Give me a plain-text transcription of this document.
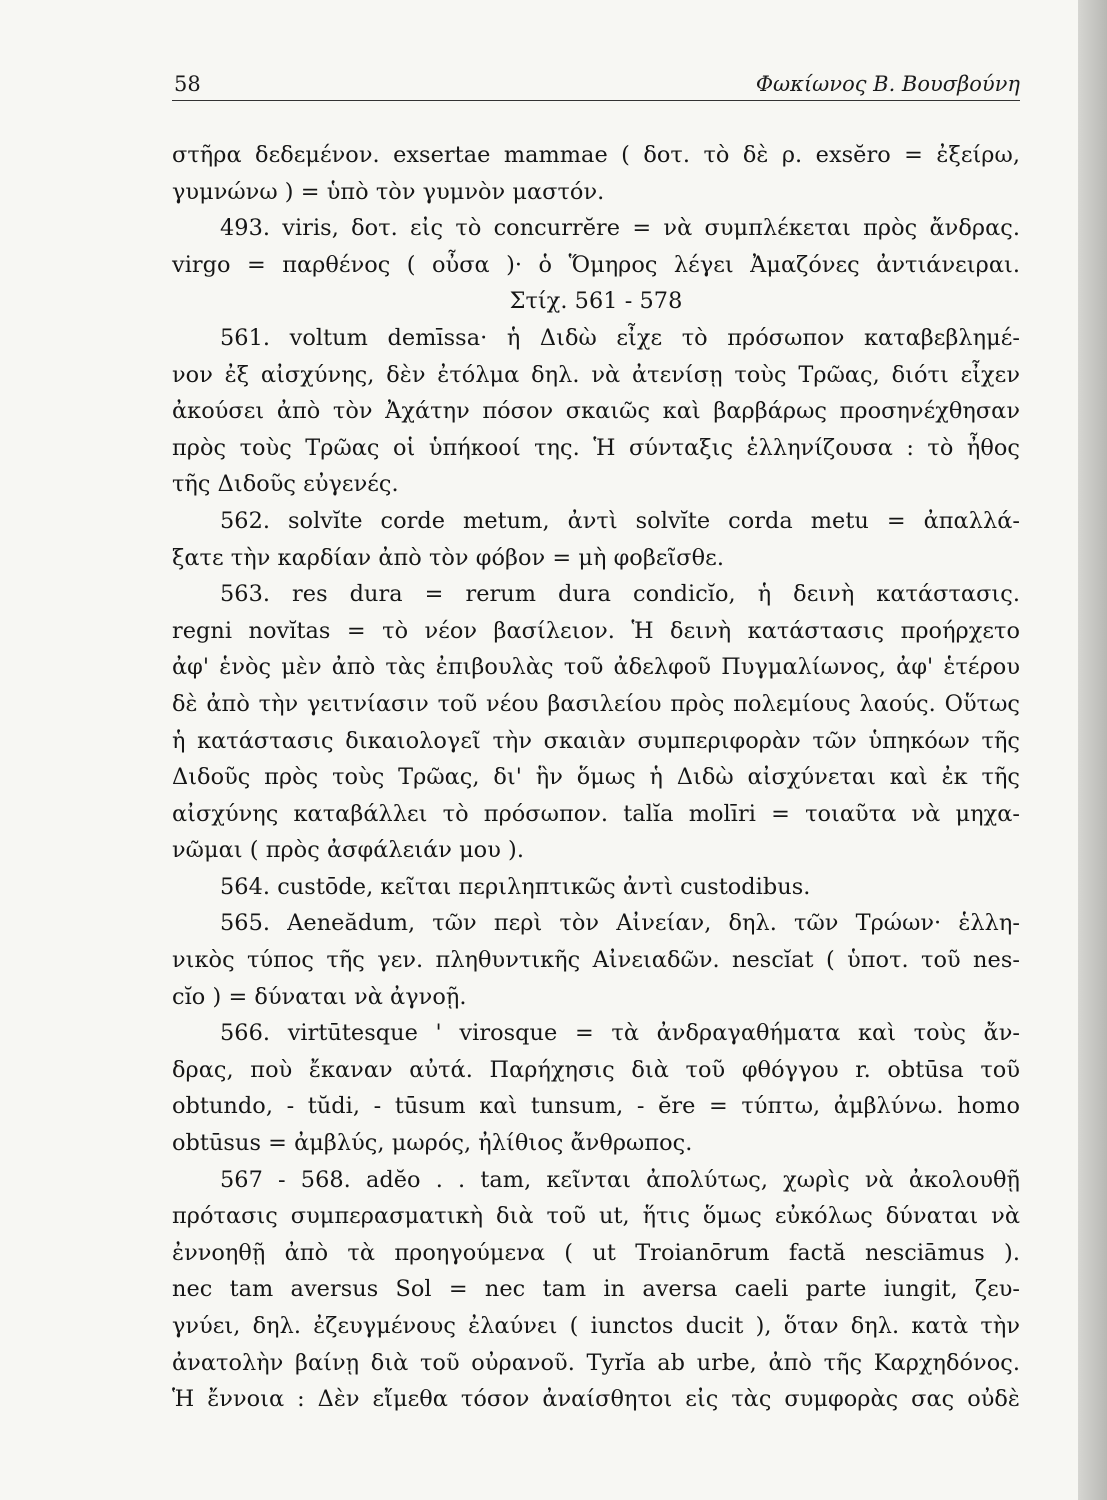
58	Φωκίωνος Β. Βουσβούνη
στῆρα δεδεμένον. exsertae mammae ( δοτ. τὸ δὲ ρ. exsĕro = ἐξείρω,
γυμνώνω ) = ὑπὸ τὸν γυμνὸν μαστόν.
493. viris, δοτ. εἰς τὸ concurrĕre = νὰ συμπλέκεται πρὸς ἄνδρας.
virgo = παρθένος ( οὖσα )· ὁ Ὅμηρος λέγει Ἀμαζόνες ἀντιάνειραι.
Στίχ. 561 - 578
561. voltum demīssa· ἡ Διδὼ εἶχε τὸ πρόσωπον καταβεβλημέ-
νον ἐξ αἰσχύνης, δὲν ἐτόλμα δηλ. νὰ ἀτενίσῃ τοὺς Τρῶας, διότι εἶχεν
ἀκούσει ἀπὸ τὸν Ἀχάτην πόσον σκαιῶς καὶ βαρβάρως προσηνέχθησαν
πρὸς τοὺς Τρῶας οἱ ὑπήκοοί της. Ἡ σύνταξις ἑλληνίζουσα : τὸ ἦθος
τῆς Διδοῦς εὐγενές.
562. solvĭte corde metum, ἀντὶ solvĭte corda metu = ἀπαλλά-
ξατε τὴν καρδίαν ἀπὸ τὸν φόβον = μὴ φοβεῖσθε.
563. res dura = rerum dura condicĭo, ἡ δεινὴ κατάστασις.
regni novĭtas = τὸ νέον βασίλειον. Ἡ δεινὴ κατάστασις προήρχετο
ἀφ' ἑνὸς μὲν ἀπὸ τὰς ἐπιβουλὰς τοῦ ἀδελφοῦ Πυγμαλίωνος, ἀφ' ἑτέρου
δὲ ἀπὸ τὴν γειτνίασιν τοῦ νέου βασιλείου πρὸς πολεμίους λαούς. Οὕτως
ἡ κατάστασις δικαιολογεῖ τὴν σκαιὰν συμπεριφορὰν τῶν ὑπηκόων τῆς
Διδοῦς πρὸς τοὺς Τρῶας, δι' ἣν ὅμως ἡ Διδὼ αἰσχύνεται καὶ ἐκ τῆς
αἰσχύνης καταβάλλει τὸ πρόσωπον. talĭa molīri = τοιαῦτα νὰ μηχα-
νῶμαι ( πρὸς ἀσφάλειάν μου ).
564. custōde, κεῖται περιληπτικῶς ἀντὶ custodibus.
565. Aeneădum, τῶν περὶ τὸν Αἰνείαν, δηλ. τῶν Τρώων· ἑλλη-
νικὸς τύπος τῆς γεν. πληθυντικῆς Αἰνειαδῶν. nescĭat ( ὑποτ. τοῦ nes-
cĭo ) = δύναται νὰ ἀγνοῇ.
566. virtūtesque ' virosque = τὰ ἀνδραγαθήματα καὶ τοὺς ἄν-
δρας, ποὺ ἔκαναν αὐτά. Παρήχησις διὰ τοῦ φθόγγου r. obtūsa τοῦ
obtundo, - tŭdi, - tūsum καὶ tunsum, - ĕre = τύπτω, ἀμβλύνω. homo
obtūsus = ἀμβλύς, μωρός, ἠλίθιος ἄνθρωπος.
567 - 568. adĕo . . tam, κεῖνται ἀπολύτως, χωρὶς νὰ ἀκολουθῇ
πρότασις συμπερασματικὴ διὰ τοῦ ut, ἥτις ὅμως εὐκόλως δύναται νὰ
ἐννοηθῇ ἀπὸ τὰ προηγούμενα ( ut Troianōrum factă nesciāmus ).
nec tam aversus Sol = nec tam in aversa caeli parte iungit, ζευ-
γνύει, δηλ. ἐζευγμένους ἐλαύνει ( iunctos ducit ), ὅταν δηλ. κατὰ τὴν
ἀνατολὴν βαίνῃ διὰ τοῦ οὐρανοῦ. Tyrĭa ab urbe, ἀπὸ τῆς Καρχηδόνος.
Ἡ ἔννοια : Δὲν εἴμεθα τόσον ἀναίσθητοι εἰς τὰς συμφορὰς σας οὐδὲ
